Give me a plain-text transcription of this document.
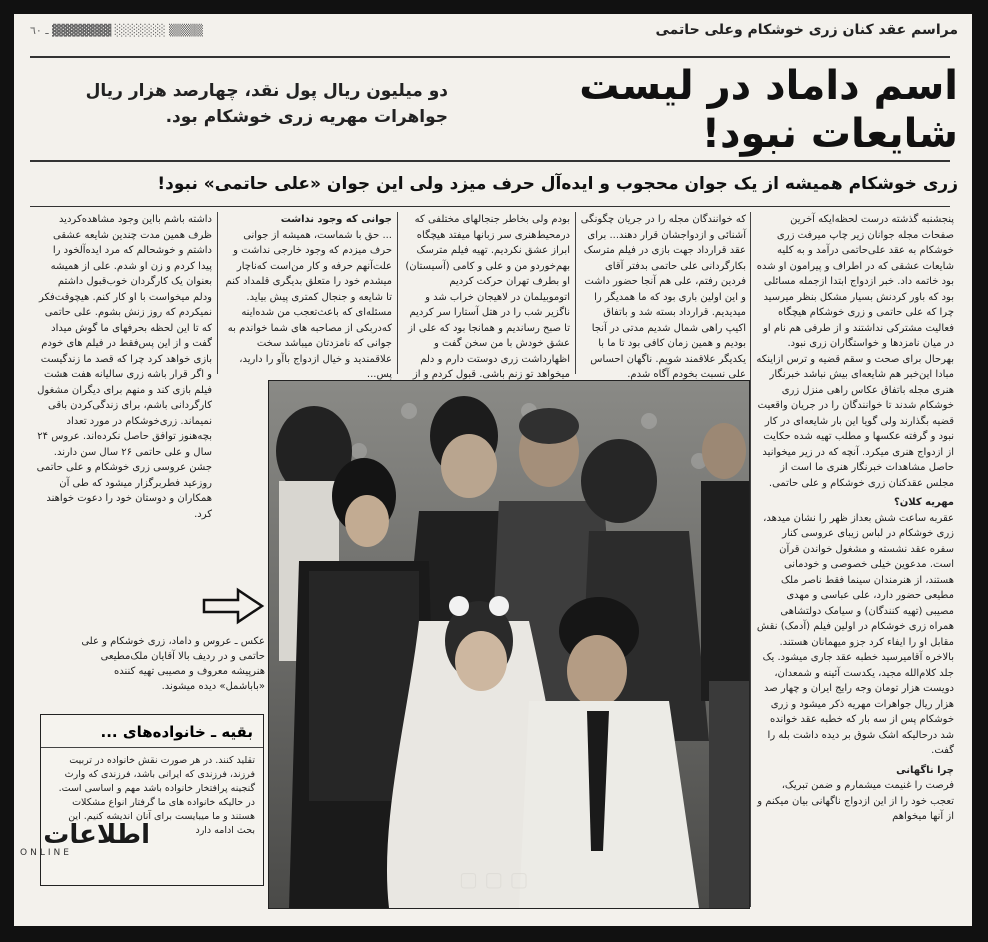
ـ ٦٠ ▓▓▓▓▓▓▓ ░░░░░░ ▒▒▒▒	مراسم عقد کنان زری خوشکام وعلی حاتمی
اسم داماد در لیست شایعات نبود!
دو میلیون ریال پول نقد، چهارصد هزار ریال جواهرات مهریه زری خوشکام بود.
زری خوشکام همیشه از یک جوان محجوب و ایده‌آل حرف میزد ولی این جوان «علی حاتمی» نبود!

پنجشنبه گذشته درست لحظه‌ایکه آخرین صفحات مجله جوانان زیر چاپ میرفت زری خوشکام به عقد علی‌حاتمی درآمد و به کلیه شایعات عشقی که در اطراف و پیرامون او شده بود خاتمه داد. خبر ازدواج ابتدا ازجمله مسائلی بود که باور کردنش بسیار مشکل بنظر میرسید چرا که علی حاتمی و زری خوشکام هیچگاه فعالیت مشترکی نداشتند و از طرفی هم نام او در میان نامزدها و خواستگاران زری نبود. بهرحال برای صحت و سقم قضیه و ترس ازاینکه مبادا این‌خبر هم شایعه‌ای بیش نباشد خبرنگار هنری مجله باتفاق عکاس راهی منزل زری خوشکام شدند تا خوانندگان را در جریان واقعیت قضیه بگذارند ولی گویا این بار شایعه‌ای در کار نبود و گرفته عکسها و مطلب تهیه شده حکایت از ازدواج هنری میکرد. آنچه که در زیر میخوانید حاصل مشاهدات خبرنگار هنری ما است از مجلس عقدکنان زری خوشکام و علی حاتمی.

مهریه کلان؟

عقربه ساعت شش بعداز ظهر را نشان میدهد، زری خوشکام در لباس زیبای عروسی کنار سفره عقد نشسته و مشغول خواندن قرآن است. مدعوین خیلی خصوصی و خودمانی هستند، از هنرمندان سینما فقط ناصر ملک مطیعی حضور دارد، علی عباسی و مهدی مصیبی (تهیه کنندگان) و سیامک دولتشاهی همراه زری خوشکام در اولین فیلم (آدمک) نقش مقابل او را ایفاء کرد جزو میهمانان هستند.

بالاخره آقامیرسید خطبه عقد جاری میشود. یک جلد کلام‌الله مجید، یکدست آئینه و شمعدان، دویست هزار تومان وجه رایج ایران و چهار صد هزار ریال جواهرات مهریه ذکر میشود و زری خوشکام پس از سه بار که خطبه عقد خوانده شد درحالیکه اشک شوق بر دیده داشت بله را گفت.

چرا ناگهانی

فرصت را غنیمت میشمارم و ضمن تبریک، تعجب خود را از این ازدواج ناگهانی بیان میکنم و از آنها میخواهم

که خوانندگان مجله را در جریان چگونگی آشنائی و ازدواجشان قرار دهند... برای عقد قرارداد جهت بازی در فیلم مترسک بکارگردانی علی حاتمی بدفتر آقای فردین رفتم، علی هم آنجا حضور داشت و این اولین باری بود که ما همدیگر را میدیدیم. قرارداد بسته شد و باتفاق اکیپ راهی شمال شدیم مدتی در آنجا بودیم و همین زمان کافی بود تا ما با یکدیگر علاقمند شویم. ناگهان احساس علی نسبت بخودم آگاه شدم.

بودم ولی بخاطر جنجالهای مختلفی که درمحیط‌هنری سر زبانها میفتد هیچگاه ابراز عشق نکردیم. تهیه فیلم مترسک بهم‌خوردو من و علی و کامی (آسیستان) او بطرف تهران حرکت کردیم اتوموبیلمان در لاهیجان خراب شد و ناگزیر شب را در هتل آستارا سر کردیم تا صبح رساندیم و همانجا بود که علی از عشق خودش با من سخن گفت و اظهارداشت زری دوستت دارم و دلم میخواهد تو زنم باشی. قبول کردم و از

جوانی که وجود نداشت

... حق با شماست، همیشه از جوانی حرف میزدم که وجود خارجی نداشت و علت‌آنهم حرفه و کار من‌است که‌ناچار میشدم خود را متعلق بدیگری قلمداد کنم تا شایعه و جنجال کمتری پیش بیاید. مسئله‌ای که باعث‌تعجب من شده‌اینه که‌دربکی از مصاحبه های شما خواندم به جوانی که نامزدتان میباشد سخت علاقمندید و خیال ازدواج باآو را دارید، پس...

داشته باشم بااین وجود مشاهده‌کردید ظرف همین مدت چندین شایعه عشقی داشتم و خوشحالم که مرد ایده‌آلخود را پیدا کردم و زن او شدم. علی از همیشه بعنوان یک کارگردان خوب‌قبول داشتم ودلم میخواست با او کار کنم. هیچوقت‌فکر نمیکردم که روز زنش بشوم. علی حاتمی که تا این لحظه بحرفهای ما گوش میداد گفت و از این پس‌فقط در فیلم های خودم بازی خواهد کرد چرا که قصد ما زندگیست و اگر قرار باشه زری سالیانه هفت هشت فیلم بازی کند و منهم برای دیگران مشغول کارگردانی باشم، برای زندگی‌کردن باقی نمیماند. زری‌خوشکام در مورد تعداد بچه‌هنوز توافق حاصل نکرده‌اند. عروس ۲۴ سال و علی حاتمی ۲۶ سال سن دارند. جشن عروسی زری خوشکام و علی حاتمی روزعید فطربرگزار میشود که طی آن همکاران و دوستان خود را دعوت خواهند کرد.

▢ ▢ ▢
عکس ـ عروس و داماد، زری خوشکام و علی حاتمی و در ردیف بالا آقایان ملک‌مطیعی هنرپیشه معروف و مصیبی تهیه کننده «باباشمل» دیده میشوند.
بقیه ـ خانواده‌های ...
تقلید کنند. در هر صورت نقش خانواده در تربیت فرزند، فرزندی که ایرانی باشد، فرزندی که وارث گنجینه پرافتخار خانواده باشد مهم و اساسی است. در حالیکه خانواده های ما گرفتار انواع مشکلات هستند و ما میبایست برای آنان اندیشه کنیم. این بحث ادامه دارد
اطلاعات
ONLINE
